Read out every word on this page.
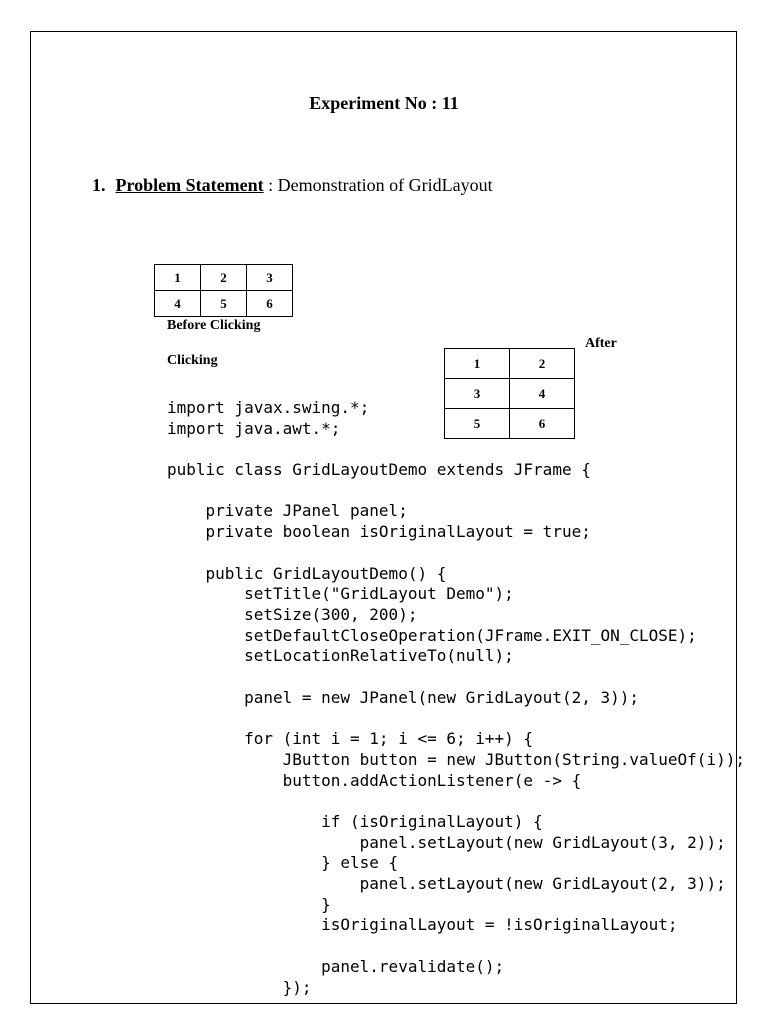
Experiment No : 11
1. Problem Statement : Demonstration of GridLayout
1	2	3
4	5	6
Before Clicking
Clicking
After
1	2
3	4
5	6
import javax.swing.*;
import java.awt.*;
public class GridLayoutDemo extends JFrame {

private JPanel panel;
private boolean isOriginalLayout = true;

public GridLayoutDemo() {
setTitle("GridLayout Demo");
setSize(300, 200);
setDefaultCloseOperation(JFrame.EXIT_ON_CLOSE);
setLocationRelativeTo(null);

panel = new JPanel(new GridLayout(2, 3));

for (int i = 1; i <= 6; i++) {
JButton button = new JButton(String.valueOf(i));
button.addActionListener(e -> {

if (isOriginalLayout) {
panel.setLayout(new GridLayout(3, 2));
} else {
panel.setLayout(new GridLayout(2, 3));
}
isOriginalLayout = !isOriginalLayout;

panel.revalidate();
});
